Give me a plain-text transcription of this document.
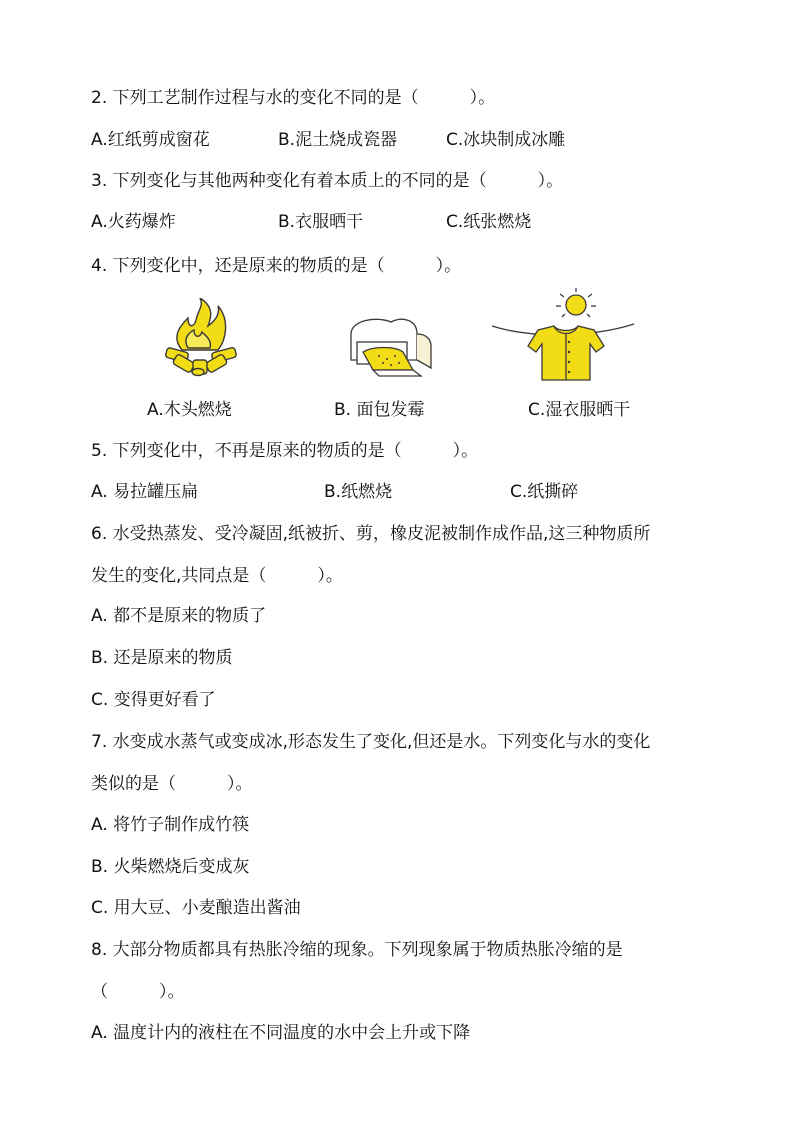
2. 下列工艺制作过程与水的变化不同的是（　　　）。
A.红纸剪成窗花	B.泥土烧成瓷器	C.冰块制成冰雕
3. 下列变化与其他两种变化有着本质上的不同的是（　　　）。
A.火药爆炸	B.衣服晒干	C.纸张燃烧
4. 下列变化中，还是原来的物质的是（　　　）。
A.木头燃烧	B. 面包发霉	C.湿衣服晒干
5. 下列变化中，不再是原来的物质的是（　　　）。
A. 易拉罐压扁	B.纸燃烧	C.纸撕碎
6. 水受热蒸发、受冷凝固,纸被折、剪，橡皮泥被制作成作品,这三种物质所
发生的变化,共同点是（　　　）。
A. 都不是原来的物质了
B. 还是原来的物质
C. 变得更好看了
7. 水变成水蒸气或变成冰,形态发生了变化,但还是水。下列变化与水的变化
类似的是（　　　）。
A. 将竹子制作成竹筷
B. 火柴燃烧后变成灰
C. 用大豆、小麦酿造出酱油
8. 大部分物质都具有热胀冷缩的现象。下列现象属于物质热胀冷缩的是
（　　　）。
A. 温度计内的液柱在不同温度的水中会上升或下降
